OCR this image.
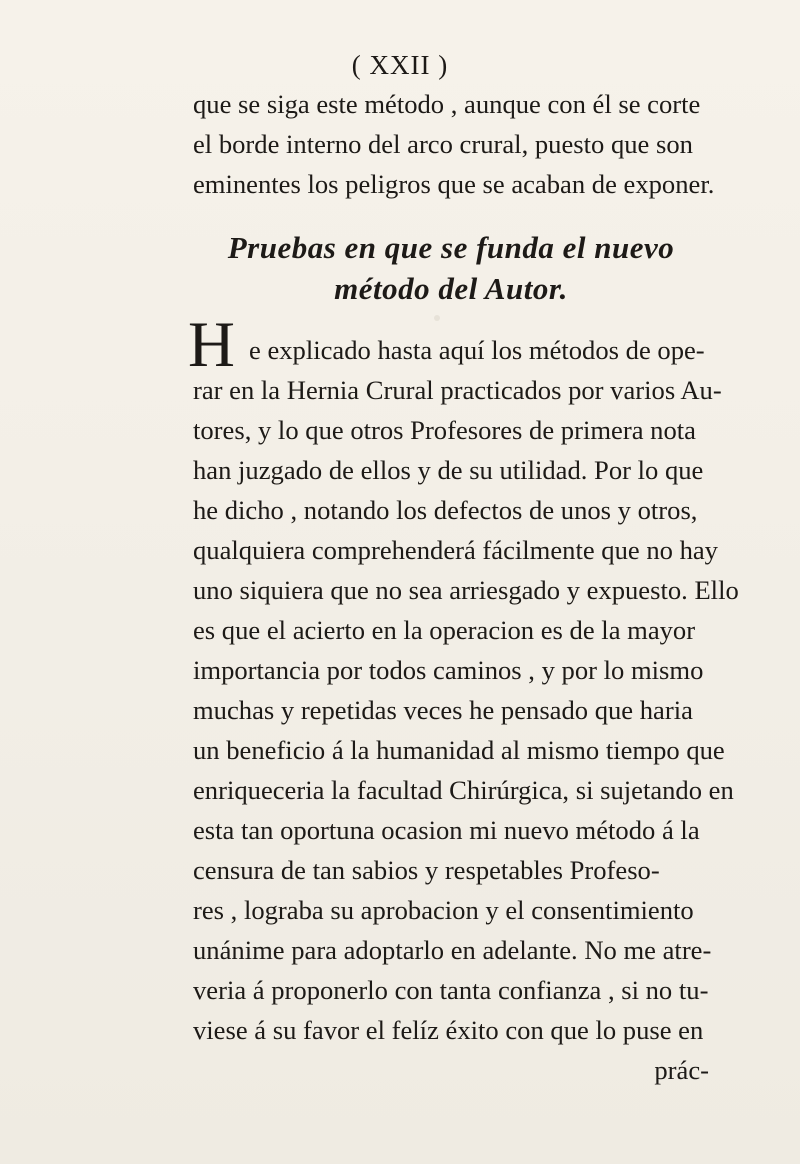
( XXII )
que se siga este método , aunque con él se corte
el borde interno del arco crural, puesto que son
eminentes los peligros que se acaban de exponer.
Pruebas en que se funda el nuevo
método del Autor.
H e explicado hasta aquí los métodos de ope-
rar en la Hernia Crural practicados por varios Au-
tores, y lo que otros Profesores de primera nota
han juzgado de ellos y de su utilidad. Por lo que
he dicho , notando los defectos de unos y otros,
qualquiera comprehenderá fácilmente que no hay
uno siquiera que no sea arriesgado y expuesto. Ello
es que el acierto en la operacion es de la mayor
importancia por todos caminos , y por lo mismo
muchas y repetidas veces he pensado que haria
un beneficio á la humanidad al mismo tiempo que
enriqueceria la facultad Chirúrgica, si sujetando en
esta tan oportuna ocasion mi nuevo método á la
censura de tan sabios y respetables Profeso-
res , lograba su aprobacion y el consentimiento
unánime para adoptarlo en adelante. No me atre-
veria á proponerlo con tanta confianza , si no tu-
viese á su favor el felíz éxito con que lo puse en
prác-
